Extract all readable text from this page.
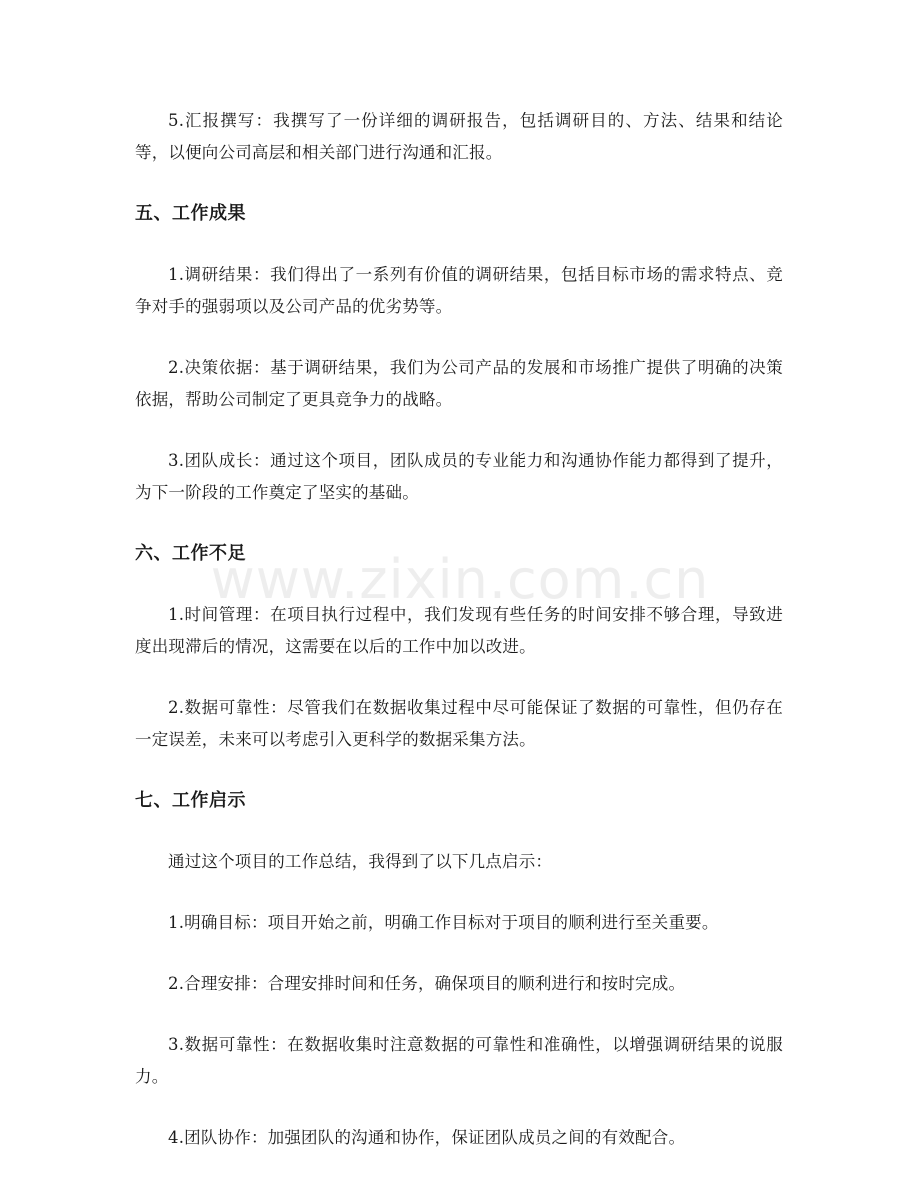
5.汇报撰写：我撰写了一份详细的调研报告，包括调研目的、方法、结果和结论等，以便向公司高层和相关部门进行沟通和汇报。

五、工作成果

1.调研结果：我们得出了一系列有价值的调研结果，包括目标市场的需求特点、竞争对手的强弱项以及公司产品的优劣势等。

2.决策依据：基于调研结果，我们为公司产品的发展和市场推广提供了明确的决策依据，帮助公司制定了更具竞争力的战略。

3.团队成长：通过这个项目，团队成员的专业能力和沟通协作能力都得到了提升，为下一阶段的工作奠定了坚实的基础。

六、工作不足

1.时间管理：在项目执行过程中，我们发现有些任务的时间安排不够合理，导致进度出现滞后的情况，这需要在以后的工作中加以改进。

2.数据可靠性：尽管我们在数据收集过程中尽可能保证了数据的可靠性，但仍存在一定误差，未来可以考虑引入更科学的数据采集方法。

七、工作启示

通过这个项目的工作总结，我得到了以下几点启示：

1.明确目标：项目开始之前，明确工作目标对于项目的顺利进行至关重要。

2.合理安排：合理安排时间和任务，确保项目的顺利进行和按时完成。

3.数据可靠性：在数据收集时注意数据的可靠性和准确性，以增强调研结果的说服力。

4.团队协作：加强团队的沟通和协作，保证团队成员之间的有效配合。

www.zixin.com.cn
